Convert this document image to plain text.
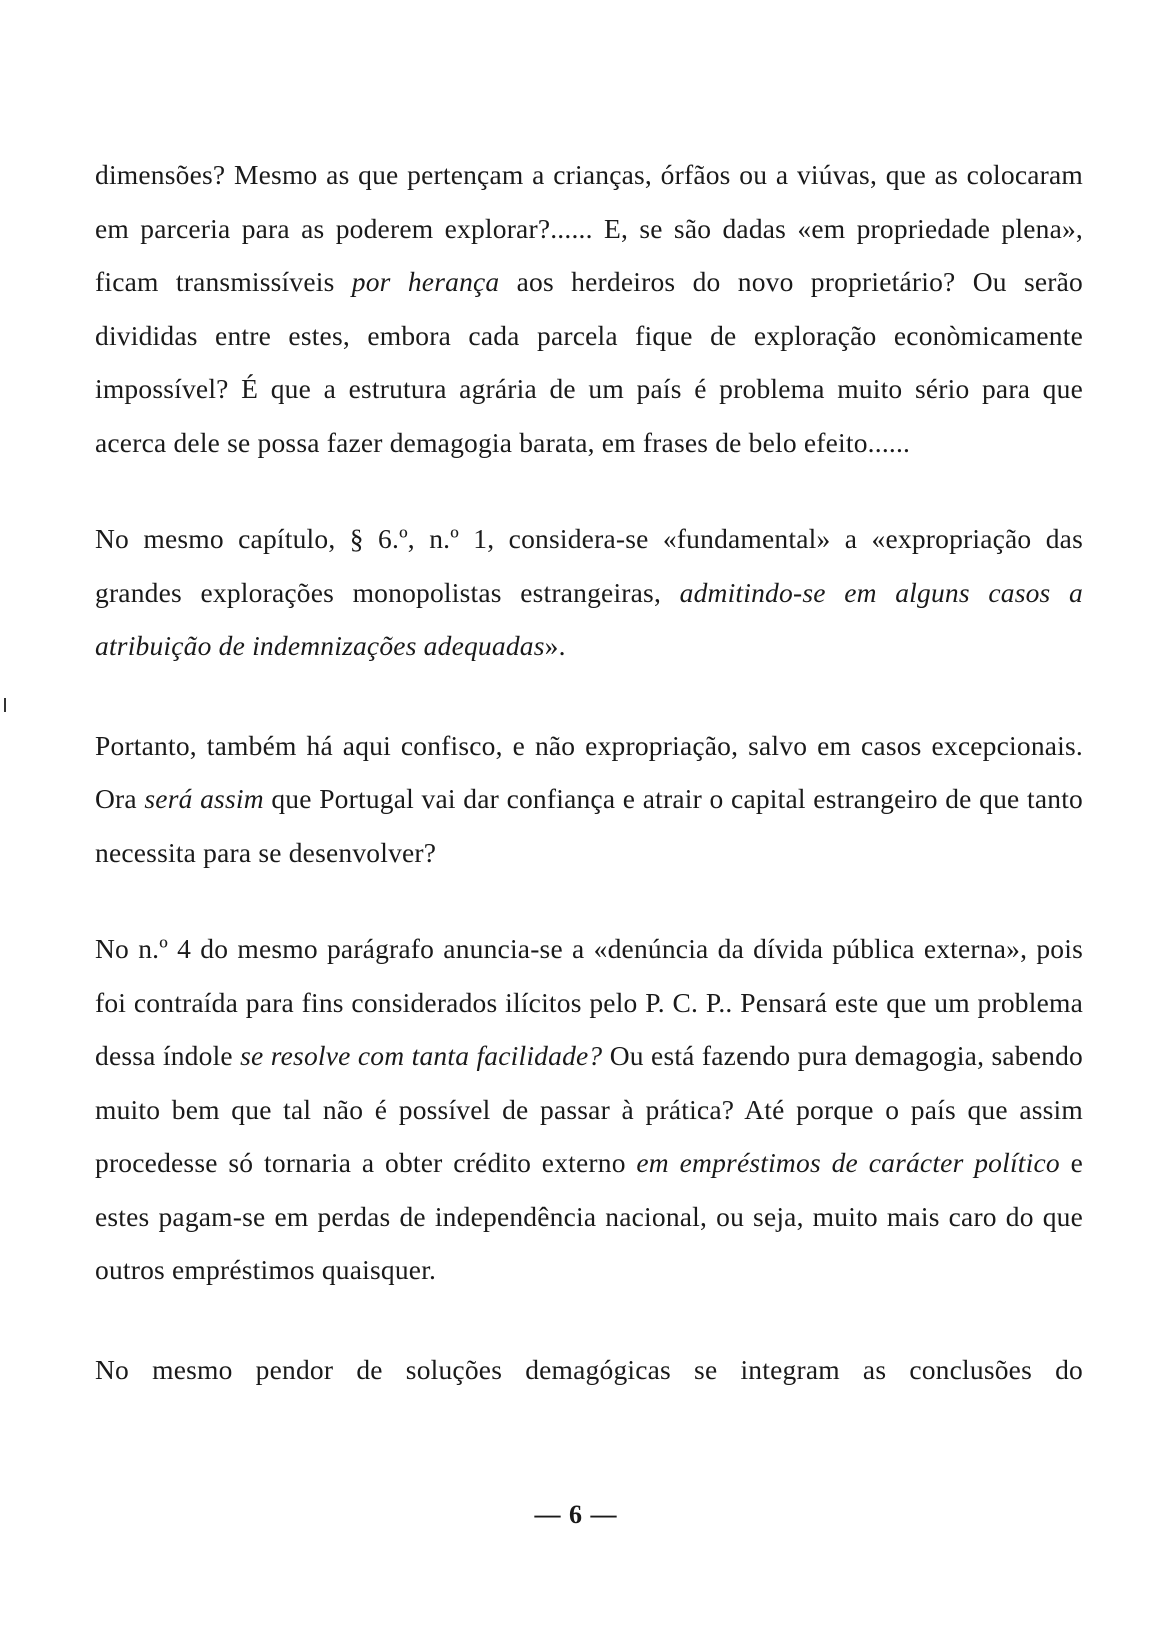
dimensões? Mesmo as que pertençam a crianças, órfãos ou a viúvas, que as colocaram em parceria para as poderem explorar?...... E, se são dadas «em propriedade plena», ficam transmissíveis por herança aos herdeiros do novo proprietário? Ou serão divididas entre estes, embora cada parcela fique de exploração econòmicamente impossível? É que a estrutura agrária de um país é problema muito sério para que acerca dele se possa fazer demagogia barata, em frases de belo efeito......

No mesmo capítulo, § 6.º, n.º 1, considera-se «fundamental» a «expropriação das grandes explorações monopolistas estrangeiras, admitindo-se em alguns casos a atribuição de indemnizações adequadas».

Portanto, também há aqui confisco, e não expropriação, salvo em casos excepcionais. Ora será assim que Portugal vai dar confiança e atrair o capital estrangeiro de que tanto necessita para se desenvolver?

No n.º 4 do mesmo parágrafo anuncia-se a «denúncia da dívida pública externa», pois foi contraída para fins considerados ilícitos pelo P. C. P.. Pensará este que um problema dessa índole se resolve com tanta facilidade? Ou está fazendo pura demagogia, sabendo muito bem que tal não é possível de passar à prática? Até porque o país que assim procedesse só tornaria a obter crédito externo em empréstimos de carácter político e estes pagam-se em perdas de independência nacional, ou seja, muito mais caro do que outros empréstimos quaisquer.

No mesmo pendor de soluções demagógicas se integram as conclusões do

— 6 —
